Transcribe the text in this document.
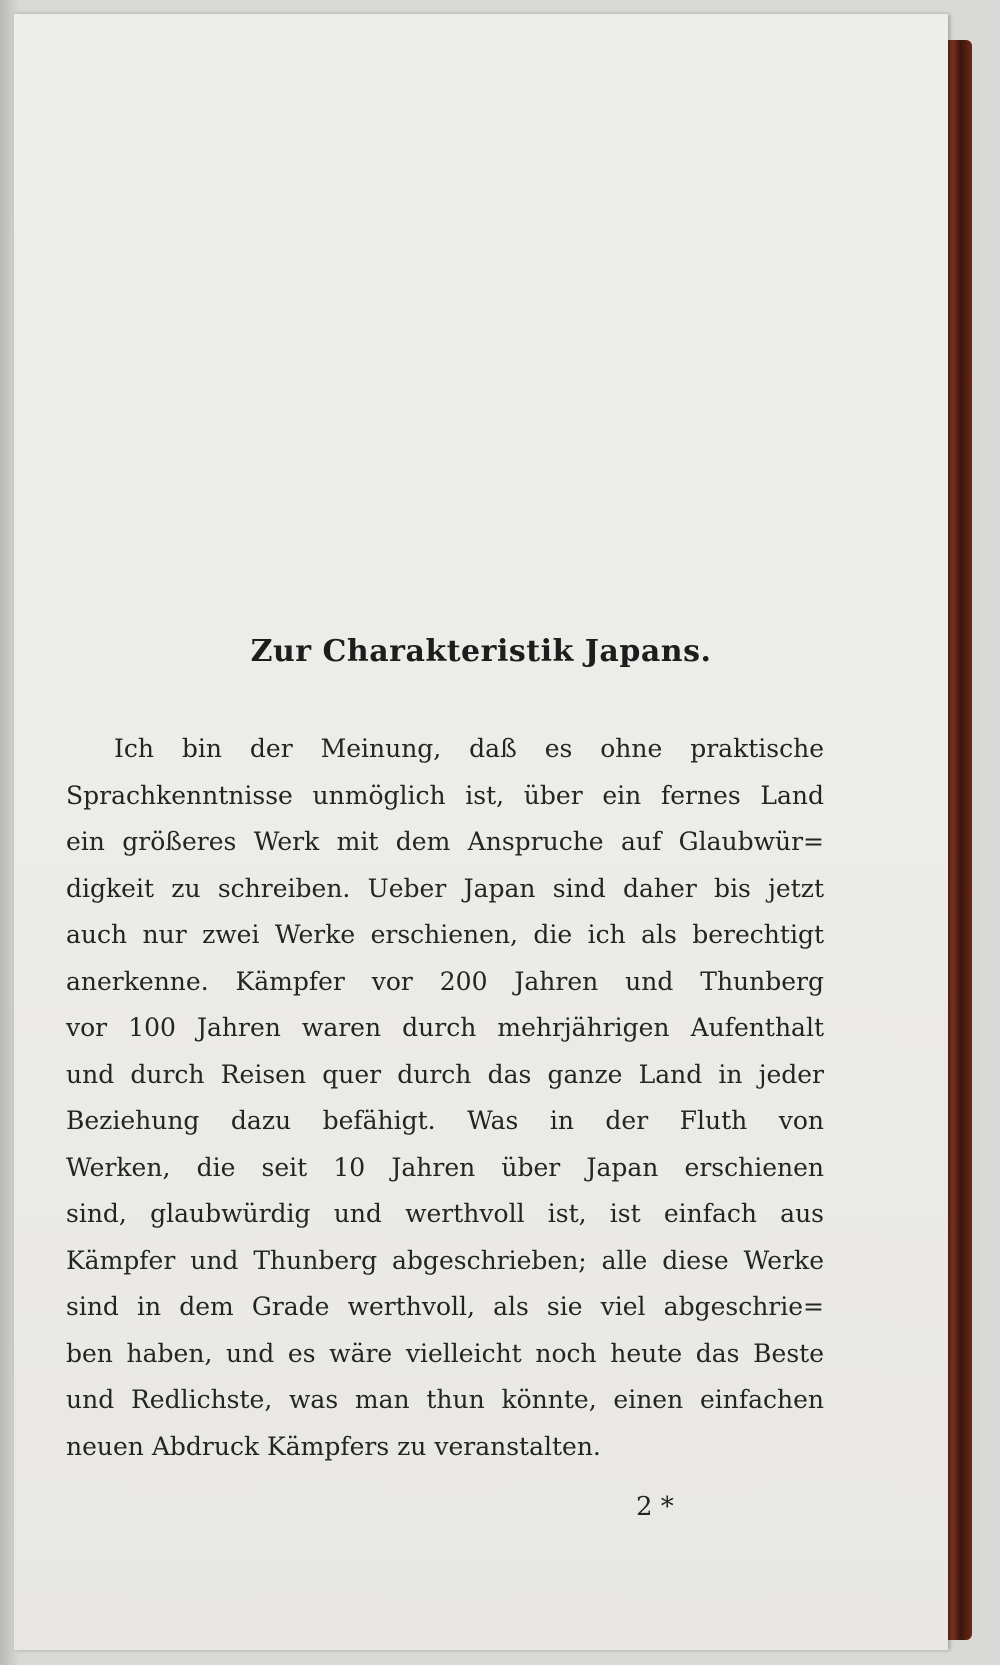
Zur Charakteristik Japans.
Ich bin der Meinung, daß es ohne praktische
Sprachkenntnisse unmöglich ist, über ein fernes Land
ein größeres Werk mit dem Anspruche auf Glaubwür=
digkeit zu schreiben. Ueber Japan sind daher bis jetzt
auch nur zwei Werke erschienen, die ich als berechtigt
anerkenne. Kämpfer vor 200 Jahren und Thunberg
vor 100 Jahren waren durch mehrjährigen Aufenthalt
und durch Reisen quer durch das ganze Land in jeder
Beziehung dazu befähigt. Was in der Fluth von
Werken, die seit 10 Jahren über Japan erschienen
sind, glaubwürdig und werthvoll ist, ist einfach aus
Kämpfer und Thunberg abgeschrieben; alle diese Werke
sind in dem Grade werthvoll, als sie viel abgeschrie=
ben haben, und es wäre vielleicht noch heute das Beste
und Redlichste, was man thun könnte, einen einfachen
neuen Abdruck Kämpfers zu veranstalten.
2 *
